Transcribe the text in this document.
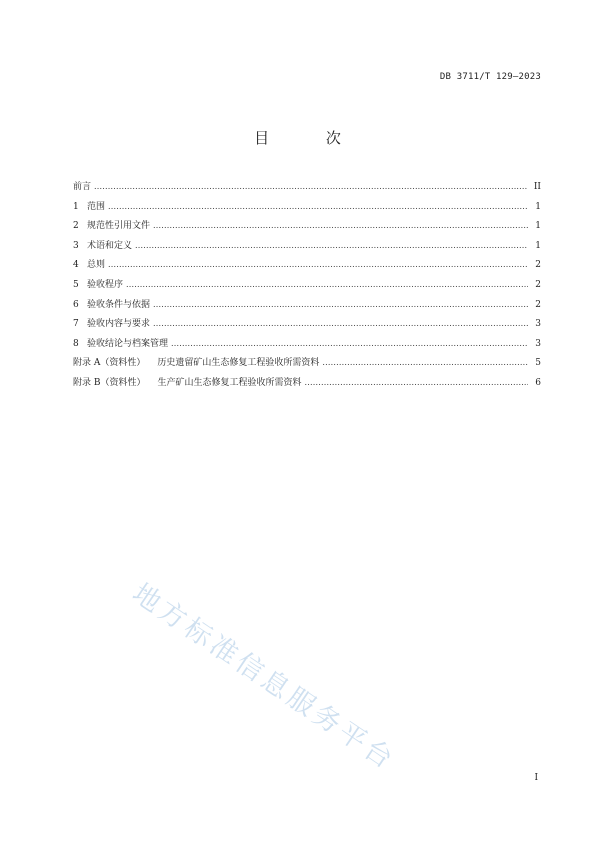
DB 3711/T 129—2023
目 次
前言 .....	II
1 范围 .....	1
2 规范性引用文件 .....	1
3 术语和定义 .....	1
4 总则 .....	2
5 验收程序 .....	2
6 验收条件与依据 .....	2
7 验收内容与要求 .....	3
8 验收结论与档案管理 .....	3
附录 A（资料性） 历史遗留矿山生态修复工程验收所需资料 .....	5
附录 B（资料性） 生产矿山生态修复工程验收所需资料 .....	6
地方标准信息服务平台
I
